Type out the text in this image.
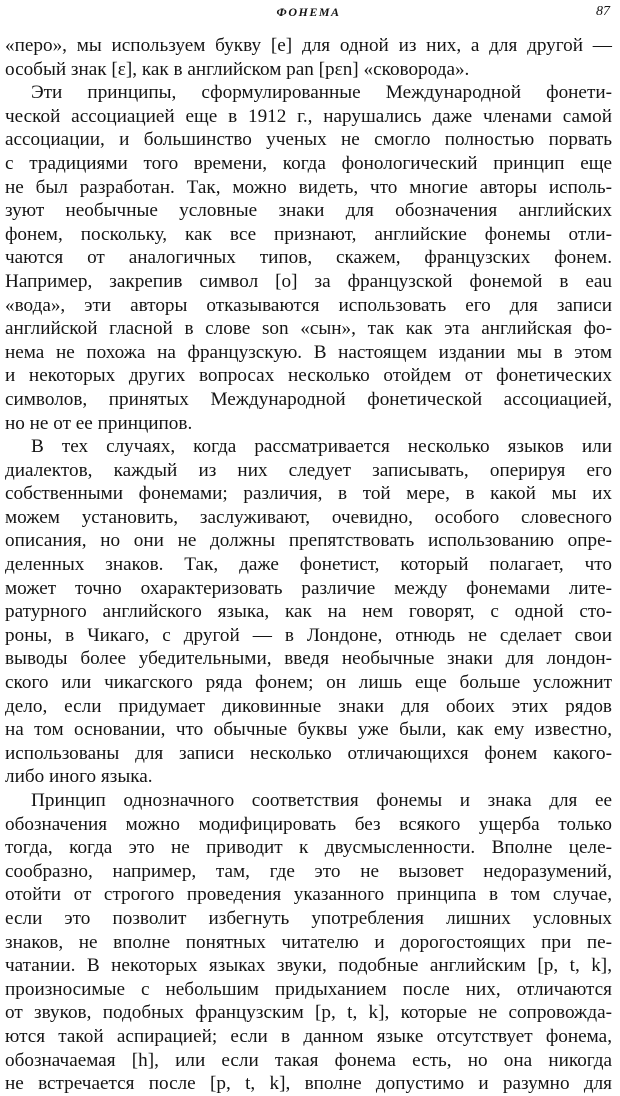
ФОНЕМА	87
«перо», мы используем букву [e] для одной из них, а для другой —
особый знак [ɛ], как в английском pan [pɛn] «сковорода».
Эти принципы, сформулированные Международной фонети-
ческой ассоциацией еще в 1912 г., нарушались даже членами самой
ассоциации, и большинство ученых не смогло полностью порвать
с традициями того времени, когда фонологический принцип еще
не был разработан. Так, можно видеть, что многие авторы исполь-
зуют необычные условные знаки для обозначения английских
фонем, поскольку, как все признают, английские фонемы отли-
чаются от аналогичных типов, скажем, французских фонем.
Например, закрепив символ [o] за французской фонемой в eau
«вода», эти авторы отказываются использовать его для записи
английской гласной в слове son «сын», так как эта английская фо-
нема не похожа на французскую. В настоящем издании мы в этом
и некоторых других вопросах несколько отойдем от фонетических
символов, принятых Международной фонетической ассоциацией,
но не от ее принципов.
В тех случаях, когда рассматривается несколько языков или
диалектов, каждый из них следует записывать, оперируя его
собственными фонемами; различия, в той мере, в какой мы их
можем установить, заслуживают, очевидно, особого словесного
описания, но они не должны препятствовать использованию опре-
деленных знаков. Так, даже фонетист, который полагает, что
может точно охарактеризовать различие между фонемами лите-
ратурного английского языка, как на нем говорят, с одной сто-
роны, в Чикаго, с другой — в Лондоне, отнюдь не сделает свои
выводы более убедительными, введя необычные знаки для лондон-
ского или чикагского ряда фонем; он лишь еще больше усложнит
дело, если придумает диковинные знаки для обоих этих рядов
на том основании, что обычные буквы уже были, как ему известно,
использованы для записи несколько отличающихся фонем какого-
либо иного языка.
Принцип однозначного соответствия фонемы и знака для ее
обозначения можно модифицировать без всякого ущерба только
тогда, когда это не приводит к двусмысленности. Вполне целе-
сообразно, например, там, где это не вызовет недоразумений,
отойти от строгого проведения указанного принципа в том случае,
если это позволит избегнуть употребления лишних условных
знаков, не вполне понятных читателю и дорогостоящих при пе-
чатании. В некоторых языках звуки, подобные английским [p, t, k],
произносимые с небольшим придыханием после них, отличаются
от звуков, подобных французским [p, t, k], которые не сопровожда-
ются такой аспирацией; если в данном языке отсутствует фонема,
обозначаемая [h], или если такая фонема есть, но она никогда
не встречается после [p, t, k], вполне допустимо и разумно для
